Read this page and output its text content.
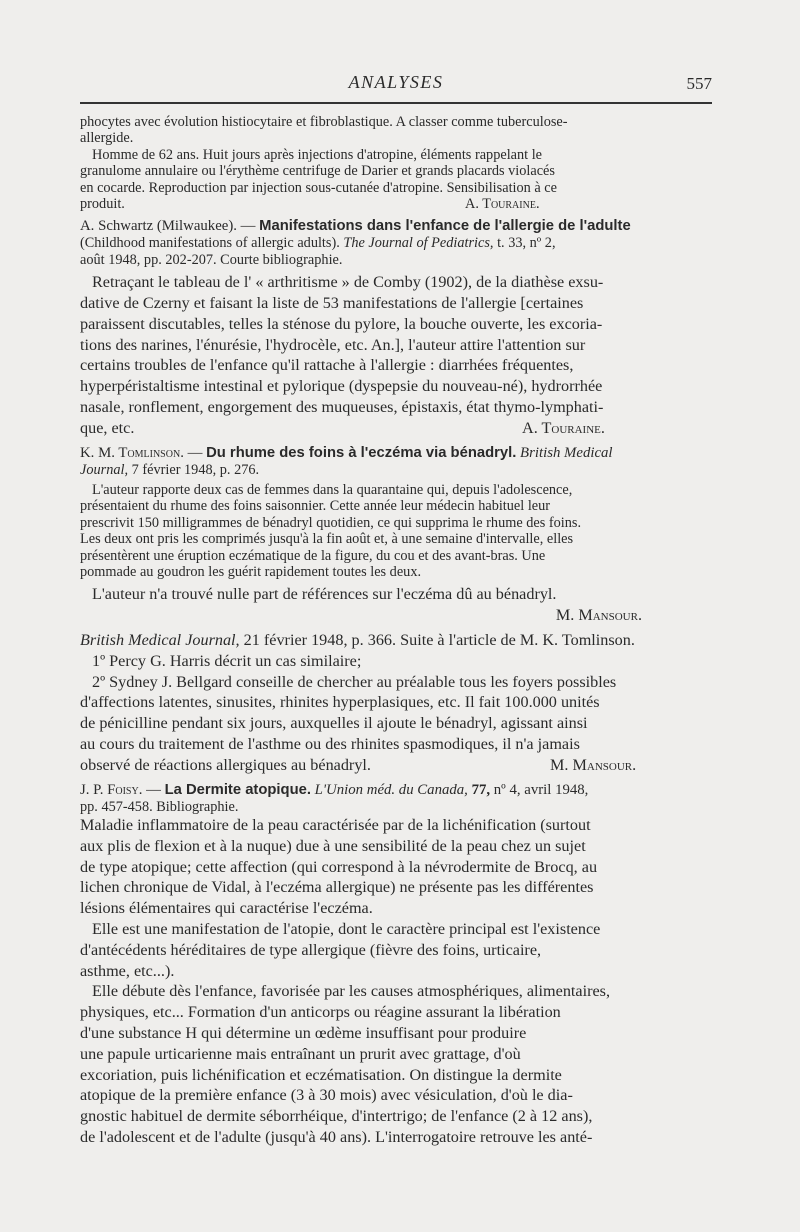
ANALYSES	557

phocytes avec évolution histiocytaire et fibroblastique. A classer comme tuberculose-

allergide.

Homme de 62 ans. Huit jours après injections d'atropine, éléments rappelant le

granulome annulaire ou l'érythème centrifuge de Darier et grands placards violacés

en cocarde. Reproduction par injection sous-cutanée d'atropine. Sensibilisation à ce

produit.	A. Touraine.

A. Schwartz (Milwaukee). — Manifestations dans l'enfance de l'allergie de l'adulte

(Childhood manifestations of allergic adults). The Journal of Pediatrics, t. 33, nº 2,

août 1948, pp. 202-207. Courte bibliographie.

Retraçant le tableau de l' « arthritisme » de Comby (1902), de la diathèse exsu-

dative de Czerny et faisant la liste de 53 manifestations de l'allergie [certaines

paraissent discutables, telles la sténose du pylore, la bouche ouverte, les excoria-

tions des narines, l'énurésie, l'hydrocèle, etc. An.], l'auteur attire l'attention sur

certains troubles de l'enfance qu'il rattache à l'allergie : diarrhées fréquentes,

hyperpéristaltisme intestinal et pylorique (dyspepsie du nouveau-né), hydrorrhée

nasale, ronflement, engorgement des muqueuses, épistaxis, état thymo-lymphati-

que, etc.	A. Touraine.

K. M. Tomlinson. — Du rhume des foins à l'eczéma via bénadryl. British Medical

Journal, 7 février 1948, p. 276.

L'auteur rapporte deux cas de femmes dans la quarantaine qui, depuis l'adolescence,

présentaient du rhume des foins saisonnier. Cette année leur médecin habituel leur

prescrivit 150 milligrammes de bénadryl quotidien, ce qui supprima le rhume des foins.

Les deux ont pris les comprimés jusqu'à la fin août et, à une semaine d'intervalle, elles

présentèrent une éruption eczématique de la figure, du cou et des avant-bras. Une

pommade au goudron les guérit rapidement toutes les deux.

L'auteur n'a trouvé nulle part de références sur l'eczéma dû au bénadryl.

M. Mansour.

British Medical Journal, 21 février 1948, p. 366. Suite à l'article de M. K. Tomlinson.

1º Percy G. Harris décrit un cas similaire;

2º Sydney J. Bellgard conseille de chercher au préalable tous les foyers possibles

d'affections latentes, sinusites, rhinites hyperplasiques, etc. Il fait 100.000 unités

de pénicilline pendant six jours, auxquelles il ajoute le bénadryl, agissant ainsi

au cours du traitement de l'asthme ou des rhinites spasmodiques, il n'a jamais

observé de réactions allergiques au bénadryl.	M. Mansour.

J. P. Foisy. — La Dermite atopique. L'Union méd. du Canada, 77, nº 4, avril 1948,

pp. 457-458. Bibliographie.

Maladie inflammatoire de la peau caractérisée par de la lichénification (surtout

aux plis de flexion et à la nuque) due à une sensibilité de la peau chez un sujet

de type atopique; cette affection (qui correspond à la névrodermite de Brocq, au

lichen chronique de Vidal, à l'eczéma allergique) ne présente pas les différentes

lésions élémentaires qui caractérise l'eczéma.

Elle est une manifestation de l'atopie, dont le caractère principal est l'existence

d'antécédents héréditaires de type allergique (fièvre des foins, urticaire,

asthme, etc...).

Elle débute dès l'enfance, favorisée par les causes atmosphériques, alimentaires,

physiques, etc... Formation d'un anticorps ou réagine assurant la libération

d'une substance H qui détermine un œdème insuffisant pour produire

une papule urticarienne mais entraînant un prurit avec grattage, d'où

excoriation, puis lichénification et eczématisation. On distingue la dermite

atopique de la première enfance (3 à 30 mois) avec vésiculation, d'où le dia-

gnostic habituel de dermite séborrhéique, d'intertrigo; de l'enfance (2 à 12 ans),

de l'adolescent et de l'adulte (jusqu'à 40 ans). L'interrogatoire retrouve les anté-
